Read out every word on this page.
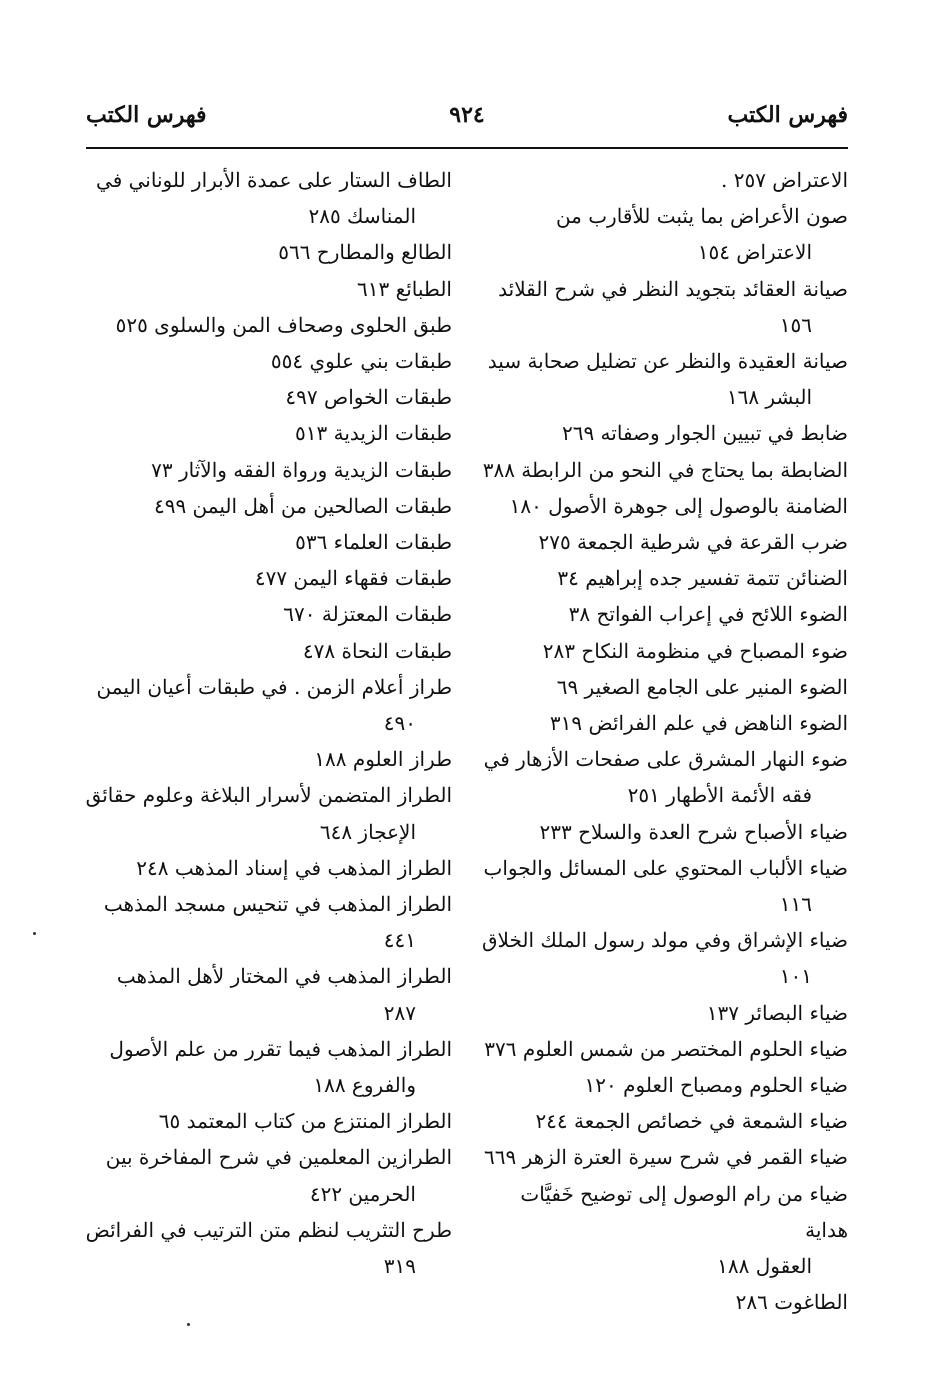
فهرس الكتب
٩٢٤
فهرس الكتب
الاعتراض ٢٥٧ .
صون الأعراض بما يثبت للأقارب من
الاعتراض ١٥٤
صيانة العقائد بتجويد النظر في شرح القلائد
١٥٦
صيانة العقيدة والنظر عن تضليل صحابة سيد
البشر ١٦٨
ضابط في تبيين الجوار وصفاته ٢٦٩
الضابطة بما يحتاج في النحو من الرابطة ٣٨٨
الضامنة بالوصول إلى جوهرة الأصول ١٨٠
ضرب القرعة في شرطية الجمعة ٢٧٥
الضنائن تتمة تفسير جده إبراهيم ٣٤
الضوء اللائح في إعراب الفواتح ٣٨
ضوء المصباح في منظومة النكاح ٢٨٣
الضوء المنير على الجامع الصغير ٦٩
الضوء الناهض في علم الفرائض ٣١٩
ضوء النهار المشرق على صفحات الأزهار في
فقه الأئمة الأطهار ٢٥١
ضياء الأصباح شرح العدة والسلاح ٢٣٣
ضياء الألباب المحتوي على المسائل والجواب
١١٦
ضياء الإشراق وفي مولد رسول الملك الخلاق
١٠١
ضياء البصائر ١٣٧
ضياء الحلوم المختصر من شمس العلوم ٣٧٦
ضياء الحلوم ومصباح العلوم ١٢٠
ضياء الشمعة في خصائص الجمعة ٢٤٤
ضياء القمر في شرح سيرة العترة الزهر ٦٦٩
ضياء من رام الوصول إلى توضيح خَفيَّات هداية
العقول ١٨٨
الطاغوت ٢٨٦
الطاف الستار على عمدة الأبرار للوناني في
المناسك ٢٨٥
الطالع والمطارح ٥٦٦
الطبائع ٦١٣
طبق الحلوى وصحاف المن والسلوى ٥٢٥
طبقات بني علوي ٥٥٤
طبقات الخواص ٤٩٧
طبقات الزيدية ٥١٣
طبقات الزيدية ورواة الفقه والآثار ٧٣
طبقات الصالحين من أهل اليمن ٤٩٩
طبقات العلماء ٥٣٦
طبقات فقهاء اليمن ٤٧٧
طبقات المعتزلة ٦٧٠
طبقات النحاة ٤٧٨
طراز أعلام الزمن . في طبقات أعيان اليمن
٤٩٠
طراز العلوم ١٨٨
الطراز المتضمن لأسرار البلاغة وعلوم حقائق
الإعجاز ٦٤٨
الطراز المذهب في إسناد المذهب ٢٤٨
الطراز المذهب في تنحيس مسجد المذهب
٤٤١
الطراز المذهب في المختار لأهل المذهب
٢٨٧
الطراز المذهب فيما تقرر من علم الأصول
والفروع ١٨٨
الطراز المنتزع من كتاب المعتمد ٦٥
الطرازين المعلمين في شرح المفاخرة بين
الحرمين ٤٢٢
طرح التثريب لنظم متن الترتيب في الفرائض
٣١٩
